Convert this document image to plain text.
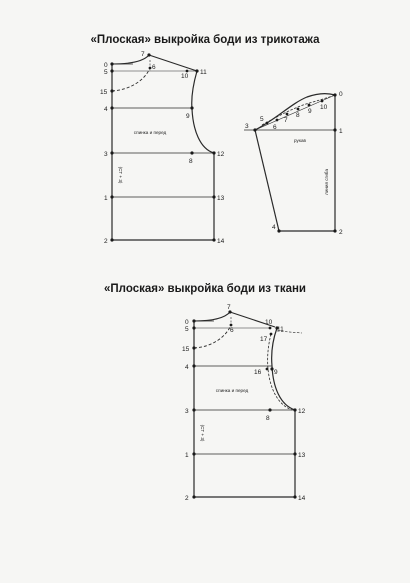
«Плоская» выкройка боди из трикотажа
0
5
7
6
10
11
15
4
9
3
8
12
1	13
2	14
спинка и перед
(СТ + 3)
0
10
9
8
7
6
5
3
1
4
2
рукав
линия сгиба
«Плоская» выкройка боди из ткани
0
5
7
6
10
11
17
15
4
16 9
3
8
12
1	13
2	14
спинка и перед
(СТ + 3)
